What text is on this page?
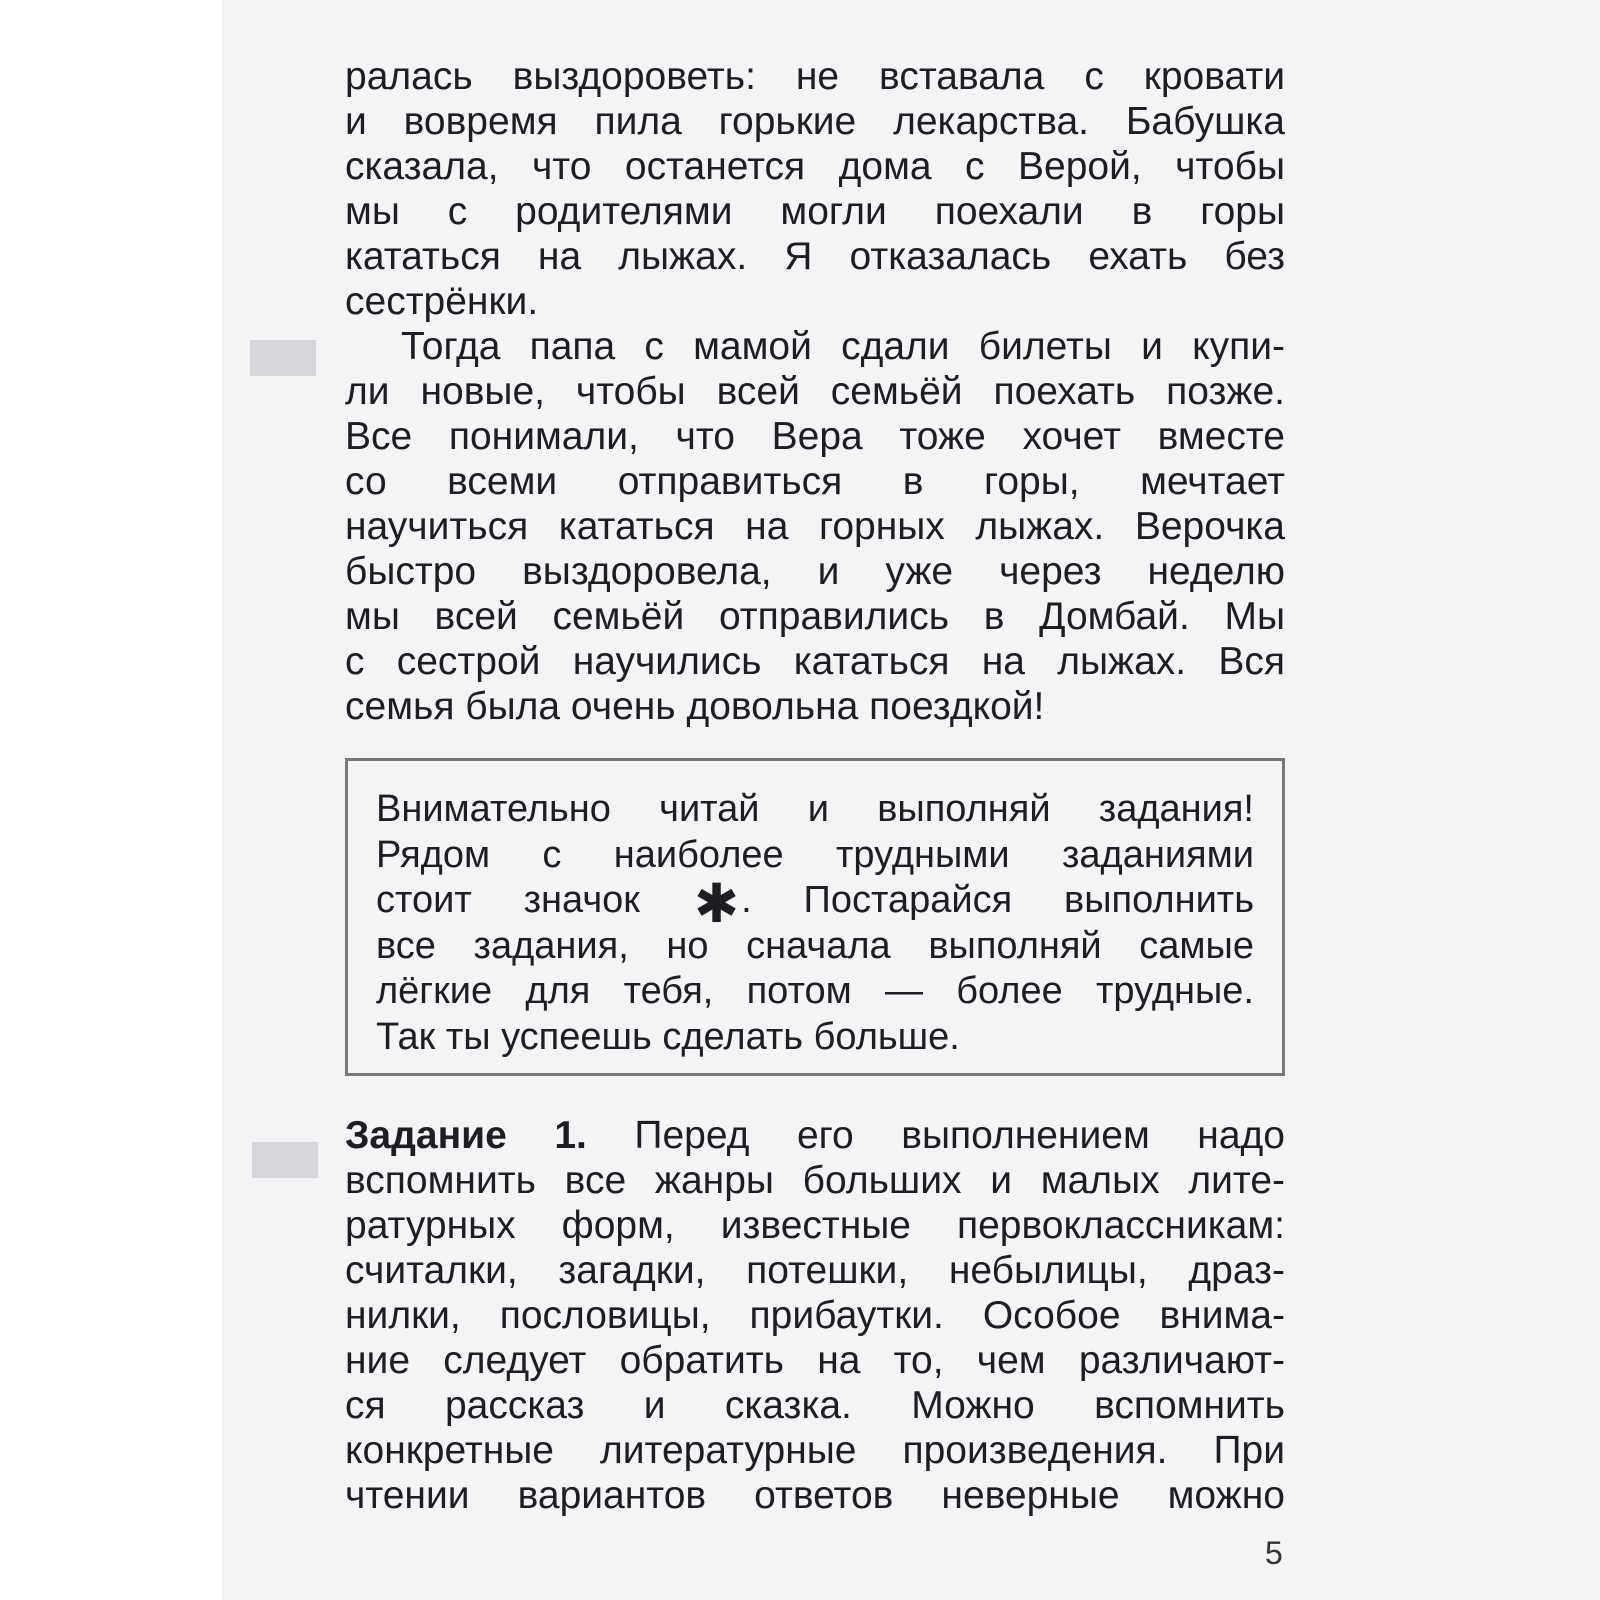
ралась выздороветь: не вставала с кровати
и вовремя пила горькие лекарства. Бабушка
сказала, что останется дома с Верой, чтобы
мы с родителями могли поехали в горы
кататься на лыжах. Я отказалась ехать без
сестрёнки.

Тогда папа с мамой сдали билеты и купи-
ли новые, чтобы всей семьёй поехать позже.
Все понимали, что Вера тоже хочет вместе
со всеми отправиться в горы, мечтает
научиться кататься на горных лыжах. Верочка
быстро выздоровела, и уже через неделю
мы всей семьёй отправились в Домбай. Мы
с сестрой научились кататься на лыжах. Вся
семья была очень довольна поездкой!

Внимательно читай и выполняй задания!
Рядом с наиболее трудными заданиями
стоит значок ✱. Постарайся выполнить
все задания, но сначала выполняй самые
лёгкие для тебя, потом — более трудные.
Так ты успеешь сделать больше.
Задание 1. Перед его выполнением надо
вспомнить все жанры больших и малых лите-
ратурных форм, известные первоклассникам:
считалки, загадки, потешки, небылицы, драз-
нилки, пословицы, прибаутки. Особое внима-
ние следует обратить на то, чем различают-
ся рассказ и сказка. Можно вспомнить
конкретные литературные произведения. При
чтении вариантов ответов неверные можно
5
